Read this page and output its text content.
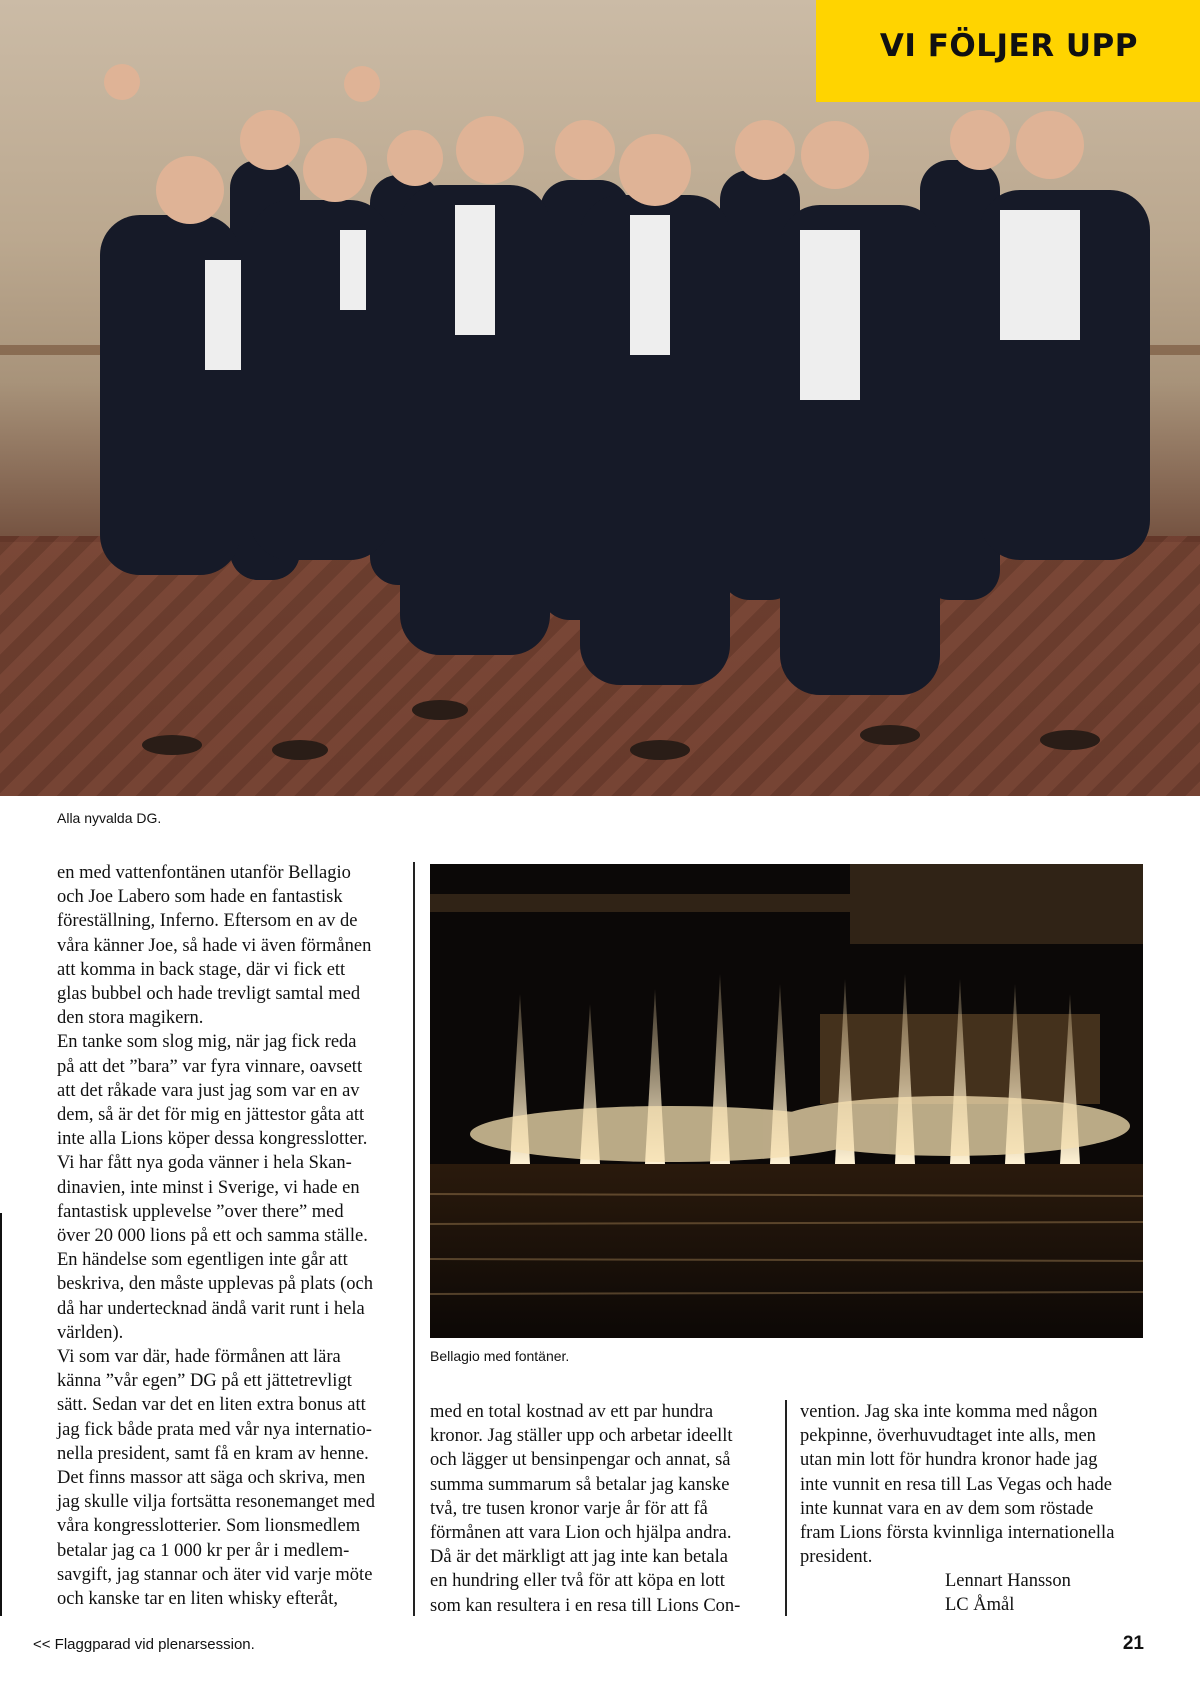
VI FÖLJER UPP
Alla nyvalda DG.
en med vattenfontänen utanför Bellagio
och Joe Labero som hade en fantastisk
föreställning, Inferno. Eftersom en av de
våra känner Joe, så hade vi även förmånen
att komma in back stage, där vi fick ett
glas bubbel och hade trevligt samtal med
den stora magikern.
En tanke som slog mig, när jag fick reda
på att det ”bara” var fyra vinnare, oavsett
att det råkade vara just jag som var en av
dem, så är det för mig en jättestor gåta att
inte alla Lions köper dessa kongresslotter.
Vi har fått nya goda vänner i hela Skan-
dinavien, inte minst i Sverige, vi hade en
fantastisk upplevelse ”over there” med
över 20 000 lions på ett och samma ställe.
En händelse som egentligen inte går att
beskriva, den måste upplevas på plats (och
då har undertecknad ändå varit runt i hela
världen).
Vi som var där, hade förmånen att lära
känna ”vår egen” DG på ett jättetrevligt
sätt. Sedan var det en liten extra bonus att
jag fick både prata med vår nya internatio-
nella president, samt få en kram av henne.
Det finns massor att säga och skriva, men
jag skulle vilja fortsätta resonemanget med
våra kongresslotterier. Som lionsmedlem
betalar jag ca 1 000 kr per år i medlem-
savgift, jag stannar och äter vid varje möte
och kanske tar en liten whisky efteråt,
Bellagio med fontäner.
med en total kostnad av ett par hundra
kronor. Jag ställer upp och arbetar ideellt
och lägger ut bensinpengar och annat, så
summa summarum så betalar jag kanske
två, tre tusen kronor varje år för att få
förmånen att vara Lion och hjälpa andra.
Då är det märkligt att jag inte kan betala
en hundring eller två för att köpa en lott
som kan resultera i en resa till Lions Con-
vention. Jag ska inte komma med någon
pekpinne, överhuvudtaget inte alls, men
utan min lott för hundra kronor hade jag
inte vunnit en resa till Las Vegas och hade
inte kunnat vara en av dem som röstade
fram Lions första kvinnliga internationella
president.
Lennart Hansson
LC Åmål
<< Flaggparad vid plenarsession.	21
